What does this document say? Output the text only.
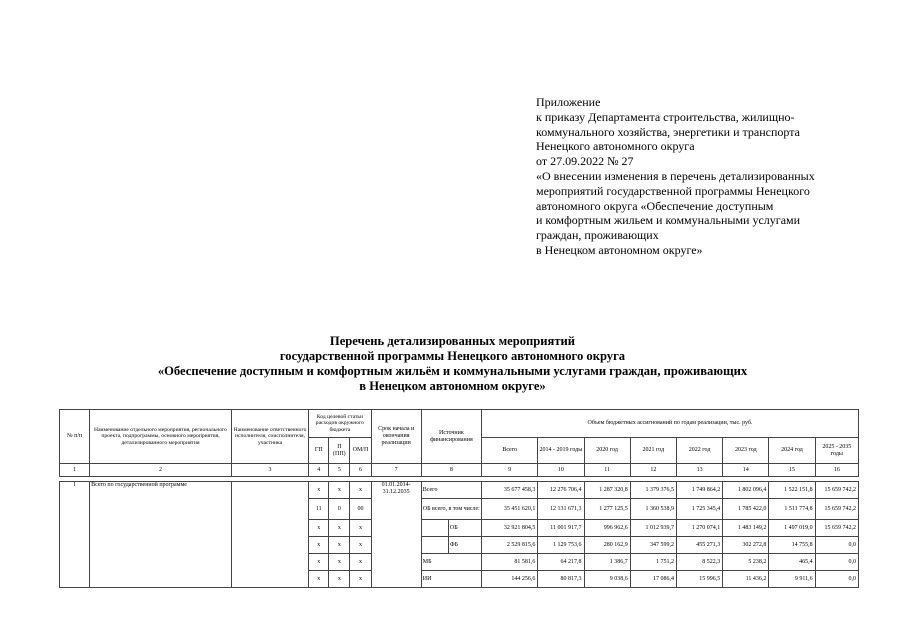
Приложение
к приказу Департамента строительства, жилищно-
коммунального хозяйства, энергетики и транспорта
Ненецкого автономного округа
от 27.09.2022 № 27
«О внесении изменения в перечень детализированных
мероприятий государственной программы Ненецкого
автономного округа «Обеспечение доступным
и комфортным жильем и коммунальными услугами
граждан, проживающих
в Ненецком автономном округе»
Перечень детализированных мероприятий
государственной программы Ненецкого автономного округа
«Обеспечение доступным и комфортным жильём и коммунальными услугами граждан, проживающих
в Ненецком автономном округе»
№ п/п	Наименование отдельного мероприятия, регионального проекта, подпрограммы, основного мероприятия, детализированного мероприятия	Наименование ответственного исполнителя, соисполнителя, участника	Код целевой статьи расходов окружного бюджета			Срок начала и окончания реализации	Источник финансирования		Объем бюджетных ассигнований по годам реализации, тыс. руб.							
			ГП	П (ПП)	ОМ/П				Всего	2014 - 2019 годы	2020 год	2021 год	2022 год	2023 год	2024 год	2025 - 2035 годы
1	2	3	4	5	6	7	8		9	10	11	12	13	14	15	16

1	Всего по государственной программе		х	х	х	01.01.2014-31.12.2035	Всего		35 677 458,3	12 276 706,4	1 287 320,8	1 379 376,5	1 749 864,2	1 802 096,4	1 522 151,8	15 659 742,2
			11	0	00		ОБ всего, в том числе:		35 451 620,1	12 131 671,3	1 277 125,5	1 360 538,9	1 725 345,4	1 785 422,0	1 511 774,8	15 659 742,2
			х	х	х			ОБ	32 921 804,5	11 001 917,7	996 962,6	1 012 939,7	1 270 074,1	1 483 149,2	1 497 019,0	15 659 742,2
			х	х	х			ФБ	2 529 815,6	1 129 753,6	280 162,9	347 599,2	455 271,3	302 272,8	14 755,8	0,0
			х	х	х		МБ		81 581,6	64 217,8	1 386,7	1 751,2	8 522,3	5 238,2	465,4	0,0
			х	х	х		ИИ		144 256,6	80 817,3	9 038,6	17 086,4	15 996,5	11 436,2	9 911,6	0,0
